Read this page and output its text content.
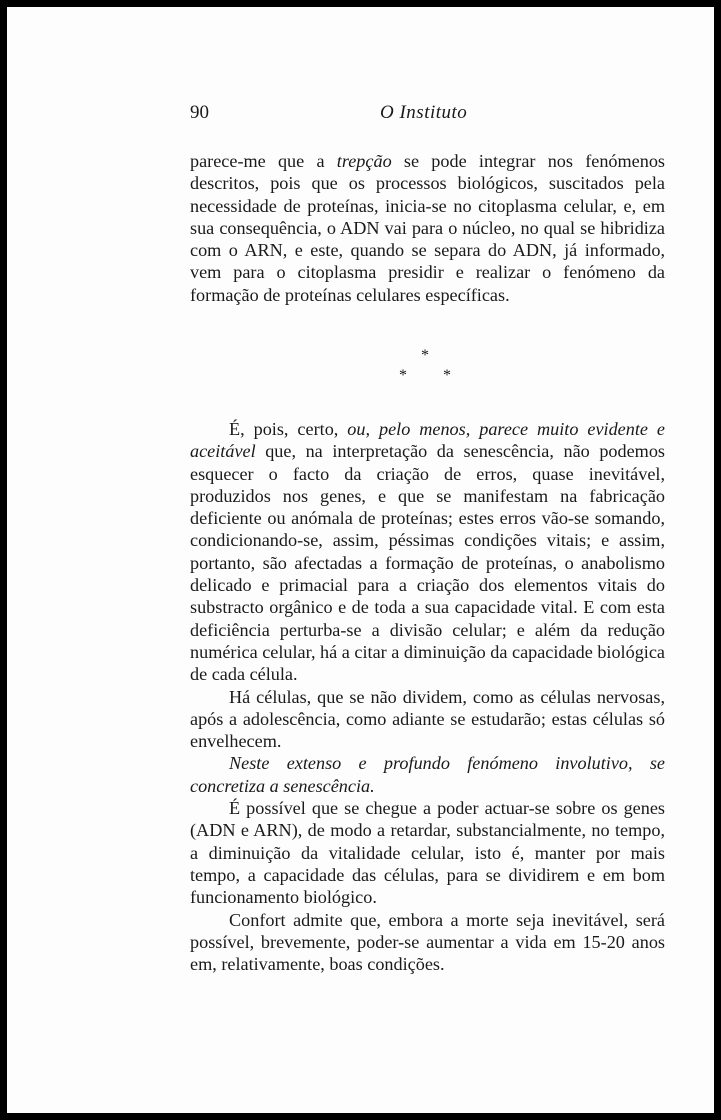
90	O Instituto

parece-me que a trepção se pode integrar nos fenómenos descritos, pois que os processos biológicos, suscitados pela necessidade de proteínas, inicia-se no citoplasma celular, e, em sua consequência, o ADN vai para o núcleo, no qual se hibridiza com o ARN, e este, quando se separa do ADN, já informado, vem para o citoplasma presidir e realizar o fenómeno da formação de proteínas celulares específicas.

*
* *

É, pois, certo, ou, pelo menos, parece muito evidente e aceitável que, na interpretação da senescência, não podemos esquecer o facto da criação de erros, quase inevitável, produzidos nos genes, e que se manifestam na fabricação deficiente ou anómala de proteínas; estes erros vão-se somando, condicionando-se, assim, péssimas condições vitais; e assim, portanto, são afectadas a formação de proteínas, o anabolismo delicado e primacial para a criação dos elementos vitais do substracto orgânico e de toda a sua capacidade vital. E com esta deficiência perturba-se a divisão celular; e além da redução numérica celular, há a citar a diminuição da capacidade biológica de cada célula.

Há células, que se não dividem, como as células nervosas, após a adolescência, como adiante se estudarão; estas células só envelhecem.

Neste extenso e profundo fenómeno involutivo, se concretiza a senescência.

É possível que se chegue a poder actuar-se sobre os genes (ADN e ARN), de modo a retardar, substancialmente, no tempo, a diminuição da vitalidade celular, isto é, manter por mais tempo, a capacidade das células, para se dividirem e em bom funcionamento biológico.

Confort admite que, embora a morte seja inevitável, será possível, brevemente, poder-se aumentar a vida em 15-20 anos em, relativamente, boas condições.
